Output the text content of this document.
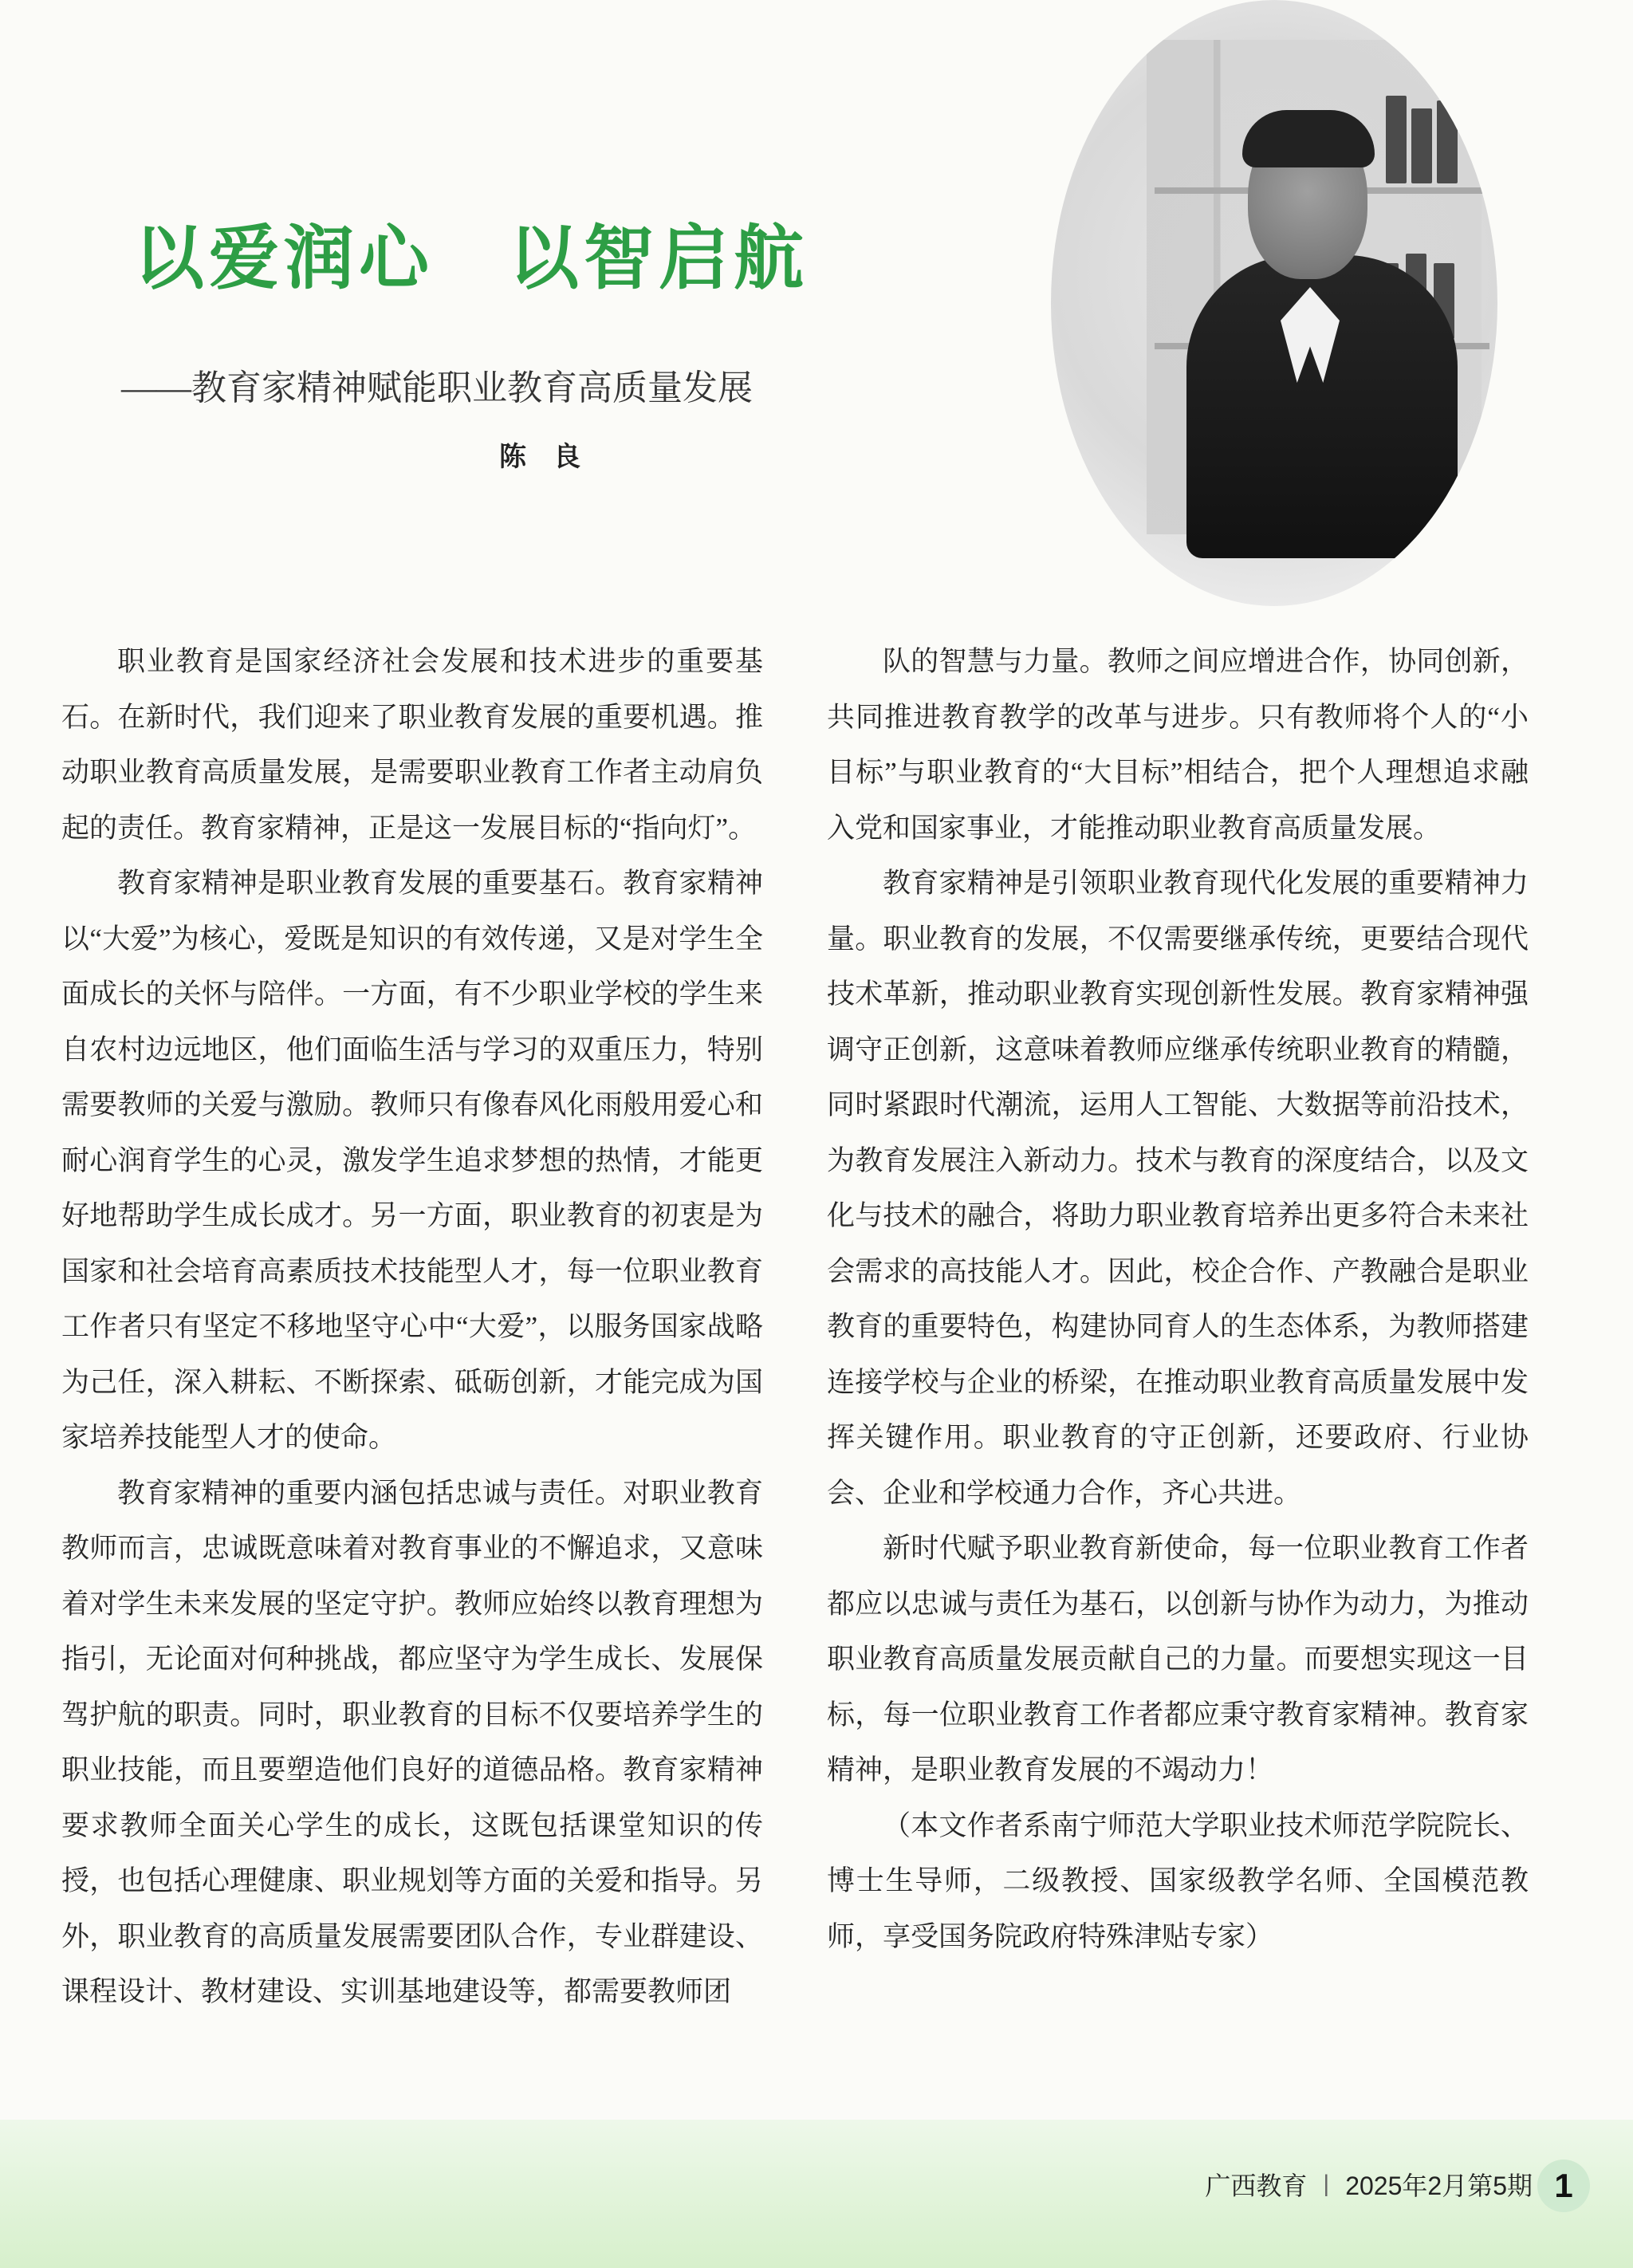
以爱润心　以智启航
——教育家精神赋能职业教育高质量发展
陈　良

职业教育是国家经济社会发展和技术进步的重要基石。在新时代，我们迎来了职业教育发展的重要机遇。推动职业教育高质量发展，是需要职业教育工作者主动肩负起的责任。教育家精神，正是这一发展目标的“指向灯”。

教育家精神是职业教育发展的重要基石。教育家精神以“大爱”为核心，爱既是知识的有效传递，又是对学生全面成长的关怀与陪伴。一方面，有不少职业学校的学生来自农村边远地区，他们面临生活与学习的双重压力，特别需要教师的关爱与激励。教师只有像春风化雨般用爱心和耐心润育学生的心灵，激发学生追求梦想的热情，才能更好地帮助学生成长成才。另一方面，职业教育的初衷是为国家和社会培育高素质技术技能型人才，每一位职业教育工作者只有坚定不移地坚守心中“大爱”，以服务国家战略为己任，深入耕耘、不断探索、砥砺创新，才能完成为国家培养技能型人才的使命。

教育家精神的重要内涵包括忠诚与责任。对职业教育教师而言，忠诚既意味着对教育事业的不懈追求，又意味着对学生未来发展的坚定守护。教师应始终以教育理想为指引，无论面对何种挑战，都应坚守为学生成长、发展保驾护航的职责。同时，职业教育的目标不仅要培养学生的职业技能，而且要塑造他们良好的道德品格。教育家精神要求教师全面关心学生的成长，这既包括课堂知识的传授，也包括心理健康、职业规划等方面的关爱和指导。另外，职业教育的高质量发展需要团队合作，专业群建设、课程设计、教材建设、实训基地建设等，都需要教师团

队的智慧与力量。教师之间应增进合作，协同创新，共同推进教育教学的改革与进步。只有教师将个人的“小目标”与职业教育的“大目标”相结合，把个人理想追求融入党和国家事业，才能推动职业教育高质量发展。

教育家精神是引领职业教育现代化发展的重要精神力量。职业教育的发展，不仅需要继承传统，更要结合现代技术革新，推动职业教育实现创新性发展。教育家精神强调守正创新，这意味着教师应继承传统职业教育的精髓，同时紧跟时代潮流，运用人工智能、大数据等前沿技术，为教育发展注入新动力。技术与教育的深度结合，以及文化与技术的融合，将助力职业教育培养出更多符合未来社会需求的高技能人才。因此，校企合作、产教融合是职业教育的重要特色，构建协同育人的生态体系，为教师搭建连接学校与企业的桥梁，在推动职业教育高质量发展中发挥关键作用。职业教育的守正创新，还要政府、行业协会、企业和学校通力合作，齐心共进。

新时代赋予职业教育新使命，每一位职业教育工作者都应以忠诚与责任为基石，以创新与协作为动力，为推动职业教育高质量发展贡献自己的力量。而要想实现这一目标，每一位职业教育工作者都应秉守教育家精神。教育家精神，是职业教育发展的不竭动力！

（本文作者系南宁师范大学职业技术师范学院院长、博士生导师，二级教授、国家级教学名师、全国模范教师，享受国务院政府特殊津贴专家）

广西教育 | 2025年2月第5期 1
